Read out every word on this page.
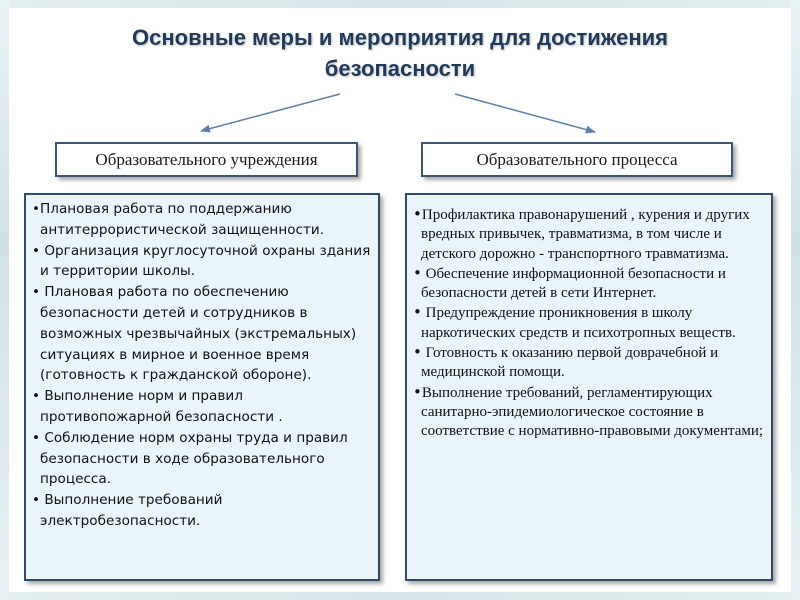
Основные меры и мероприятия для достижения безопасности
Образовательного учреждения	Образовательного процесса
•Плановая работа по поддержанию антитеррористической защищенности.
• Организация круглосуточной охраны здания и территории школы.
• Плановая работа по обеспечению безопасности детей и сотрудников в возможных чрезвычайных (экстремальных) ситуациях в мирное и военное время (готовность к гражданской обороне).
• Выполнение норм и правил противопожарной безопасности .
• Соблюдение норм охраны труда и правил безопасности в ходе образовательного процесса.
• Выполнение требований электробезопасности.
•Профилактика правонарушений , курения и других вредных привычек, травматизма, в том числе и детского дорожно - транспортного травматизма.
• Обеспечение информационной безопасности и безопасности детей в сети Интернет.
• Предупреждение проникновения в школу наркотических средств и психотропных веществ.
• Готовность к оказанию первой доврачебной и медицинской помощи.
•Выполнение требований, регламентирующих санитарно-эпидемиологическое состояние в соответствие с нормативно-правовыми документами;
